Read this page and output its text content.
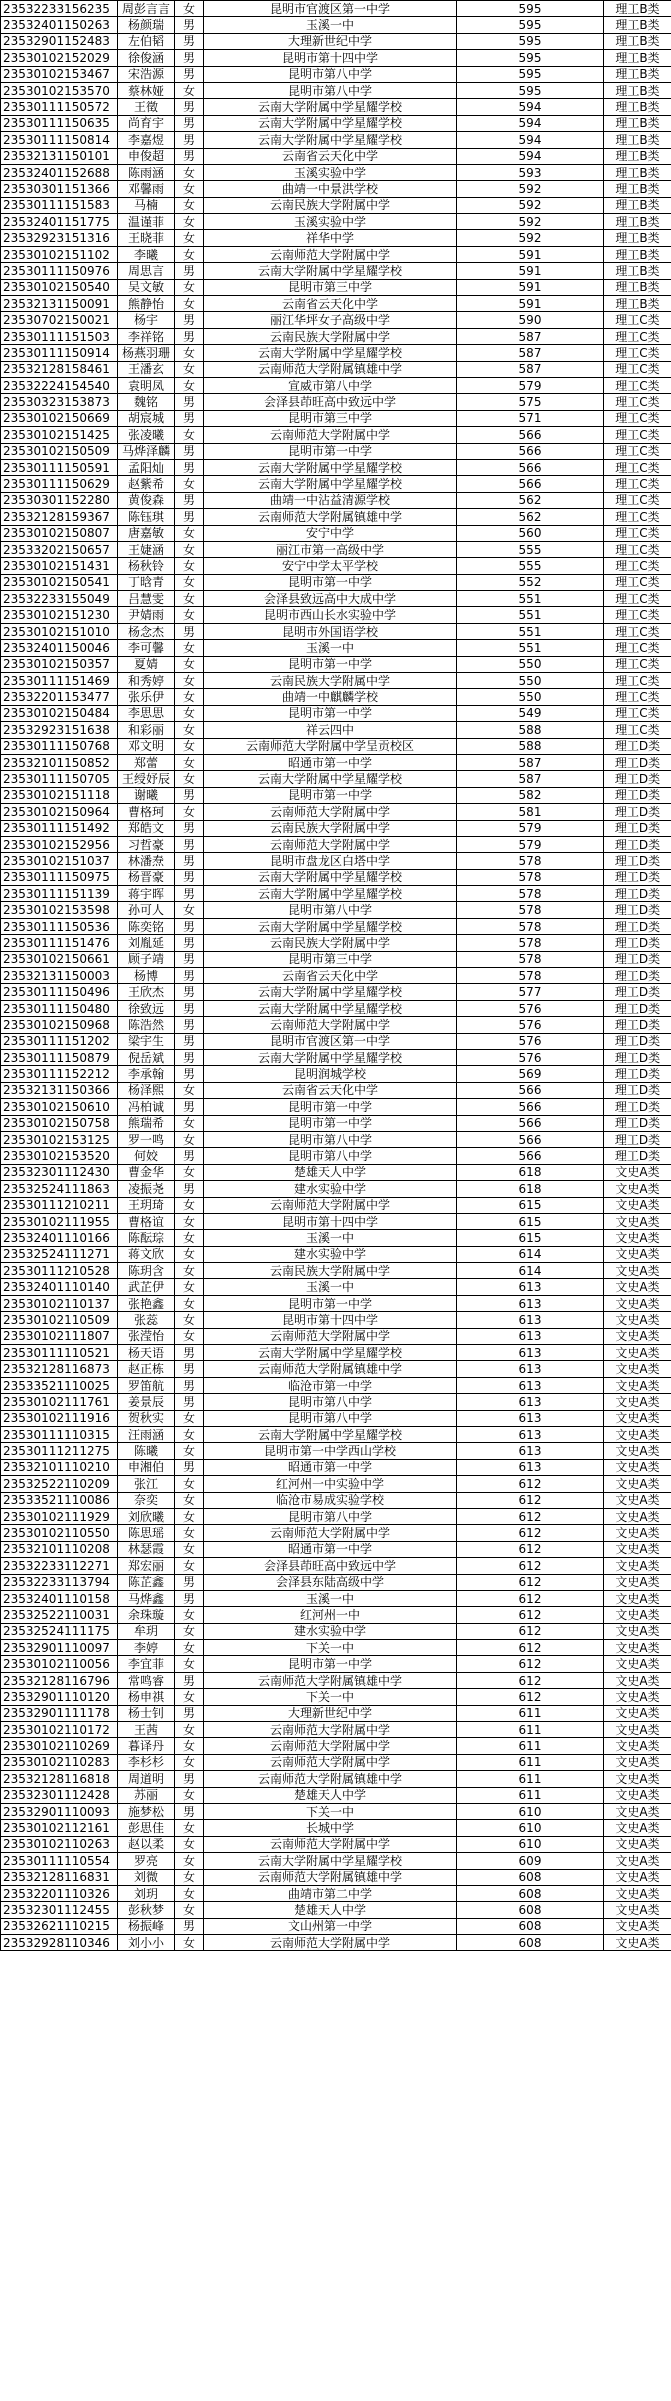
23532233156235	周彭言言	女	昆明市官渡区第一中学	595	理工B类
23532401150263	杨颜瑞	男	玉溪一中	595	理工B类
23532901152483	左伯韬	男	大理新世纪中学	595	理工B类
23530102152029	徐俊涵	男	昆明市第十四中学	595	理工B类
23530102153467	宋浩源	男	昆明市第八中学	595	理工B类
23530102153570	蔡林娅	女	昆明市第八中学	595	理工B类
23530111150572	王徵	男	云南大学附属中学星耀学校	594	理工B类
23530111150635	尚育宇	男	云南大学附属中学星耀学校	594	理工B类
23530111150814	李嘉煜	男	云南大学附属中学星耀学校	594	理工B类
23532131150101	申俊超	男	云南省云天化中学	594	理工B类
23532401152688	陈雨涵	女	玉溪实验中学	593	理工B类
23530301151366	邓馨雨	女	曲靖一中景洪学校	592	理工B类
23530111151583	马楠	女	云南民族大学附属中学	592	理工B类
23532401151775	温谨菲	女	玉溪实验中学	592	理工B类
23532923151316	王晓菲	女	祥华中学	592	理工B类
23530102151102	李曦	女	云南师范大学附属中学	591	理工B类
23530111150976	周思言	男	云南大学附属中学星耀学校	591	理工B类
23530102150540	吴文敏	女	昆明市第三中学	591	理工B类
23532131150091	熊静怡	女	云南省云天化中学	591	理工B类
23530702150021	杨宇	男	丽江华坪女子高级中学	590	理工C类
23530111151503	李祥铭	男	云南民族大学附属中学	587	理工C类
23530111150914	杨燕羽珊	女	云南大学附属中学星耀学校	587	理工C类
23532128158461	王潘玄	女	云南师范大学附属镇雄中学	587	理工C类
23532224154540	袁明凤	女	宣威市第八中学	579	理工C类
23530323153873	魏铭	男	会泽县茚旺高中致远中学	575	理工C类
23530102150669	胡宸城	男	昆明市第三中学	571	理工C类
23530102151425	张凌曦	女	云南师范大学附属中学	566	理工C类
23530102150509	马烨泽麟	男	昆明市第一中学	566	理工C类
23530111150591	孟阳灿	男	云南大学附属中学星耀学校	566	理工C类
23530111150629	赵紫希	女	云南大学附属中学星耀学校	566	理工C类
23530301152280	黄俊森	男	曲靖一中沾益清源学校	562	理工C类
23532128159367	陈钰琪	男	云南师范大学附属镇雄中学	562	理工C类
23530102150807	唐嘉敏	女	安宁中学	560	理工C类
23533202150657	王婕涵	女	丽江市第一高级中学	555	理工C类
23530102151431	杨秋铃	女	安宁中学太平学校	555	理工C类
23530102150541	丁晗青	女	昆明市第一中学	552	理工C类
23532233155049	吕慧雯	女	会泽县致远高中大成中学	551	理工C类
23530102151230	尹婧雨	女	昆明市西山长水实验中学	551	理工C类
23530102151010	杨念杰	男	昆明市外国语学校	551	理工C类
23532401150046	李可馨	女	玉溪一中	551	理工C类
23530102150357	夏婧	女	昆明市第一中学	550	理工C类
23530111151469	和秀婷	女	云南民族大学附属中学	550	理工C类
23532201153477	张乐伊	女	曲靖一中麒麟学校	550	理工C类
23530102150484	李思思	女	昆明市第一中学	549	理工C类
23532923151638	和彩丽	女	祥云四中	588	理工C类
23530111150768	邓文明	女	云南师范大学附属中学呈贡校区	588	理工D类
23532101150852	郑蕾	女	昭通市第一中学	587	理工D类
23530111150705	王绶妤辰	女	云南大学附属中学星耀学校	587	理工D类
23530102151118	谢曦	男	昆明市第一中学	582	理工D类
23530102150964	曹格珂	女	云南师范大学附属中学	581	理工D类
23530111151492	郑皓文	男	云南民族大学附属中学	579	理工D类
23530102152956	习哲豪	男	云南师范大学附属中学	579	理工D类
23530102151037	林潘焘	男	昆明市盘龙区白塔中学	578	理工D类
23530111150975	杨晋豪	男	云南大学附属中学星耀学校	578	理工D类
23530111151139	蒋宇晖	男	云南大学附属中学星耀学校	578	理工D类
23530102153598	孙可人	女	昆明市第八中学	578	理工D类
23530111150536	陈奕铭	男	云南大学附属中学星耀学校	578	理工D类
23530111151476	刘胤延	男	云南民族大学附属中学	578	理工D类
23530102150661	顾子靖	男	昆明市第三中学	578	理工D类
23532131150003	杨博	男	云南省云天化中学	578	理工D类
23530111150496	王欣杰	男	云南大学附属中学星耀学校	577	理工D类
23530111150480	徐致远	男	云南大学附属中学星耀学校	576	理工D类
23530102150968	陈浩然	男	云南师范大学附属中学	576	理工D类
23530111151202	梁宇生	男	昆明市官渡区第一中学	576	理工D类
23530111150879	倪岳斌	男	云南大学附属中学星耀学校	576	理工D类
23530111152212	李承翰	男	昆明润城学校	569	理工D类
23532131150366	杨泽熙	女	云南省云天化中学	566	理工D类
23530102150610	冯柏诚	男	昆明市第一中学	566	理工D类
23530102150758	熊瑞希	女	昆明市第一中学	566	理工D类
23530102153125	罗一鸣	女	昆明市第八中学	566	理工D类
23530102153520	何姣	男	昆明市第八中学	566	理工D类
23532301112430	曹金华	女	楚雄天人中学	618	文史A类
23532524111863	凌振尧	男	建水实验中学	618	文史A类
23530111210211	王玥琦	女	云南师范大学附属中学	615	文史A类
23530102111955	曹格谊	女	昆明市第十四中学	615	文史A类
23532401110166	陈酝琮	女	玉溪一中	615	文史A类
23532524111271	蒋文欣	女	建水实验中学	614	文史A类
23530111210528	陈玥含	女	云南民族大学附属中学	614	文史A类
23532401110140	武芷伊	女	玉溪一中	613	文史A类
23530102110137	张艳鑫	女	昆明市第一中学	613	文史A类
23530102110509	张蕊	女	昆明市第十四中学	613	文史A类
23530102111807	张滢怡	女	云南师范大学附属中学	613	文史A类
23530111110521	杨天语	男	云南大学附属中学星耀学校	613	文史A类
23532128116873	赵正栋	男	云南师范大学附属镇雄中学	613	文史A类
23533521110025	罗笛航	男	临沧市第一中学	613	文史A类
23530102111761	姜景辰	男	昆明市第八中学	613	文史A类
23530102111916	贺秋实	女	昆明市第八中学	613	文史A类
23530111110315	汪雨涵	女	云南大学附属中学星耀学校	613	文史A类
23530111211275	陈曦	女	昆明市第一中学西山学校	613	文史A类
23532101110210	申湘伯	男	昭通市第一中学	613	文史A类
23532522110209	张江	女	红河州一中实验中学	612	文史A类
23533521110086	奈奕	女	临沧市易成实验学校	612	文史A类
23530102111929	刘欣曦	女	昆明市第八中学	612	文史A类
23530102110550	陈思瑶	女	云南师范大学附属中学	612	文史A类
23532101110208	林瑟霞	女	昭通市第一中学	612	文史A类
23532233112271	郑宏丽	女	会泽县茚旺高中致远中学	612	文史A类
23532233113794	陈芷鑫	男	会泽县东陆高级中学	612	文史A类
23532401110158	马烨鑫	男	玉溪一中	612	文史A类
23532522110031	余珠璇	女	红河州一中	612	文史A类
23532524111175	牟玥	女	建水实验中学	612	文史A类
23532901110097	李婷	女	下关一中	612	文史A类
23530102110056	李宜菲	女	昆明市第一中学	612	文史A类
23532128116796	常鸣睿	男	云南师范大学附属镇雄中学	612	文史A类
23532901110120	杨申祺	女	下关一中	612	文史A类
23532901111178	杨士钊	男	大理新世纪中学	611	文史A类
23530102110172	王茜	女	云南师范大学附属中学	611	文史A类
23530102110269	暮译丹	女	云南师范大学附属中学	611	文史A类
23530102110283	李杉杉	女	云南师范大学附属中学	611	文史A类
23532128116818	周道明	男	云南师范大学附属镇雄中学	611	文史A类
23532301112428	苏丽	女	楚雄天人中学	611	文史A类
23532901110093	施梦松	男	下关一中	610	文史A类
23530102112161	彭思佳	女	长城中学	610	文史A类
23530102110263	赵以柔	女	云南师范大学附属中学	610	文史A类
23530111110554	罗亮	女	云南大学附属中学星耀学校	609	文史A类
23532128116831	刘微	女	云南师范大学附属镇雄中学	608	文史A类
23532201110326	刘玥	女	曲靖市第二中学	608	文史A类
23532301112455	彭秋梦	女	楚雄天人中学	608	文史A类
23532621110215	杨振峰	男	文山州第一中学	608	文史A类
23532928110346	刘小小	女	云南师范大学附属中学	608	文史A类
